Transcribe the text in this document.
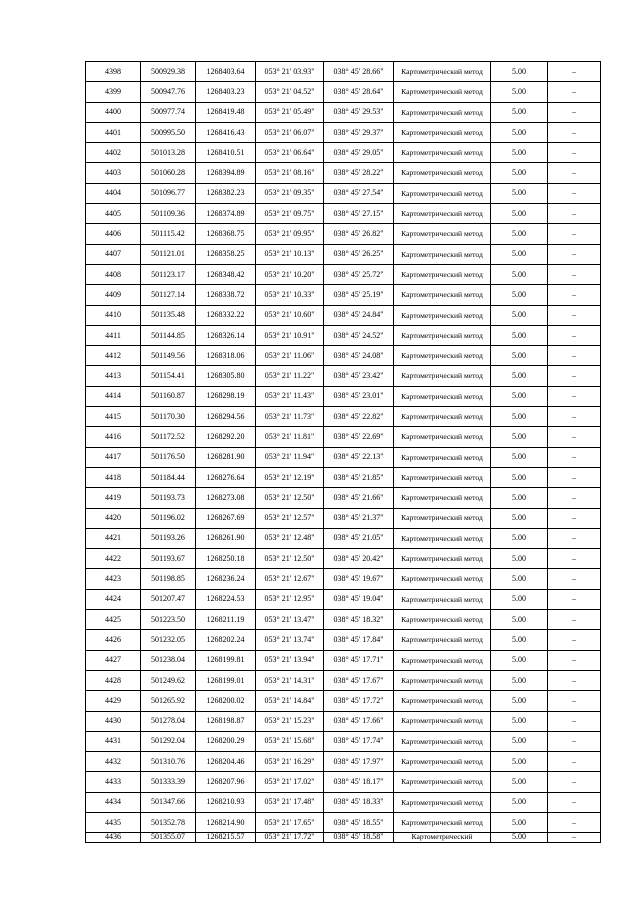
4398	500929.38	1268403.64	053° 21' 03.93"	038° 45' 28.66"	Картометрический метод	5.00	–
4399	500947.76	1268403.23	053° 21' 04.52"	038° 45' 28.64"	Картометрический метод	5.00	–
4400	500977.74	1268419.48	053° 21' 05.49"	038° 45' 29.53"	Картометрический метод	5.00	–
4401	500995.50	1268416.43	053° 21' 06.07"	038° 45' 29.37"	Картометрический метод	5.00	–
4402	501013.28	1268410.51	053° 21' 06.64"	038° 45' 29.05"	Картометрический метод	5.00	–
4403	501060.28	1268394.89	053° 21' 08.16"	038° 45' 28.22"	Картометрический метод	5.00	–
4404	501096.77	1268382.23	053° 21' 09.35"	038° 45' 27.54"	Картометрический метод	5.00	–
4405	501109.36	1268374.89	053° 21' 09.75"	038° 45' 27.15"	Картометрический метод	5.00	–
4406	501115.42	1268368.75	053° 21' 09.95"	038° 45' 26.82"	Картометрический метод	5.00	–
4407	501121.01	1268358.25	053° 21' 10.13"	038° 45' 26.25"	Картометрический метод	5.00	–
4408	501123.17	1268348.42	053° 21' 10.20"	038° 45' 25.72"	Картометрический метод	5.00	–
4409	501127.14	1268338.72	053° 21' 10.33"	038° 45' 25.19"	Картометрический метод	5.00	–
4410	501135.48	1268332.22	053° 21' 10.60"	038° 45' 24.84"	Картометрический метод	5.00	–
4411	501144.85	1268326.14	053° 21' 10.91"	038° 45' 24.52"	Картометрический метод	5.00	–
4412	501149.56	1268318.06	053° 21' 11.06"	038° 45' 24.08"	Картометрический метод	5.00	–
4413	501154.41	1268305.80	053° 21' 11.22"	038° 45' 23.42"	Картометрический метод	5.00	–
4414	501160.87	1268298.19	053° 21' 11.43"	038° 45' 23.01"	Картометрический метод	5.00	–
4415	501170.30	1268294.56	053° 21' 11.73"	038° 45' 22.82"	Картометрический метод	5.00	–
4416	501172.52	1268292.20	053° 21' 11.81"	038° 45' 22.69"	Картометрический метод	5.00	–
4417	501176.50	1268281.90	053° 21' 11.94"	038° 45' 22.13"	Картометрический метод	5.00	–
4418	501184.44	1268276.64	053° 21' 12.19"	038° 45' 21.85"	Картометрический метод	5.00	–
4419	501193.73	1268273.08	053° 21' 12.50"	038° 45' 21.66"	Картометрический метод	5.00	–
4420	501196.02	1268267.69	053° 21' 12.57"	038° 45' 21.37"	Картометрический метод	5.00	–
4421	501193.26	1268261.90	053° 21' 12.48"	038° 45' 21.05"	Картометрический метод	5.00	–
4422	501193.67	1268250.18	053° 21' 12.50"	038° 45' 20.42"	Картометрический метод	5.00	–
4423	501198.85	1268236.24	053° 21' 12.67"	038° 45' 19.67"	Картометрический метод	5.00	–
4424	501207.47	1268224.53	053° 21' 12.95"	038° 45' 19.04"	Картометрический метод	5.00	–
4425	501223.50	1268211.19	053° 21' 13.47"	038° 45' 18.32"	Картометрический метод	5.00	–
4426	501232.05	1268202.24	053° 21' 13.74"	038° 45' 17.84"	Картометрический метод	5.00	–
4427	501238.04	1268199.81	053° 21' 13.94"	038° 45' 17.71"	Картометрический метод	5.00	–
4428	501249.62	1268199.01	053° 21' 14.31"	038° 45' 17.67"	Картометрический метод	5.00	–
4429	501265.92	1268200.02	053° 21' 14.84"	038° 45' 17.72"	Картометрический метод	5.00	–
4430	501278.04	1268198.87	053° 21' 15.23"	038° 45' 17.66"	Картометрический метод	5.00	–
4431	501292.04	1268200.29	053° 21' 15.68"	038° 45' 17.74"	Картометрический метод	5.00	–
4432	501310.76	1268204.46	053° 21' 16.29"	038° 45' 17.97"	Картометрический метод	5.00	–
4433	501333.39	1268207.96	053° 21' 17.02"	038° 45' 18.17"	Картометрический метод	5.00	–
4434	501347.66	1268210.93	053° 21' 17.48"	038° 45' 18.33"	Картометрический метод	5.00	–
4435	501352.78	1268214.90	053° 21' 17.65"	038° 45' 18.55"	Картометрический метод	5.00	–
4436	501355.07	1268215.57	053° 21' 17.72"	038° 45' 18.58"	Картометрический	5.00	–
